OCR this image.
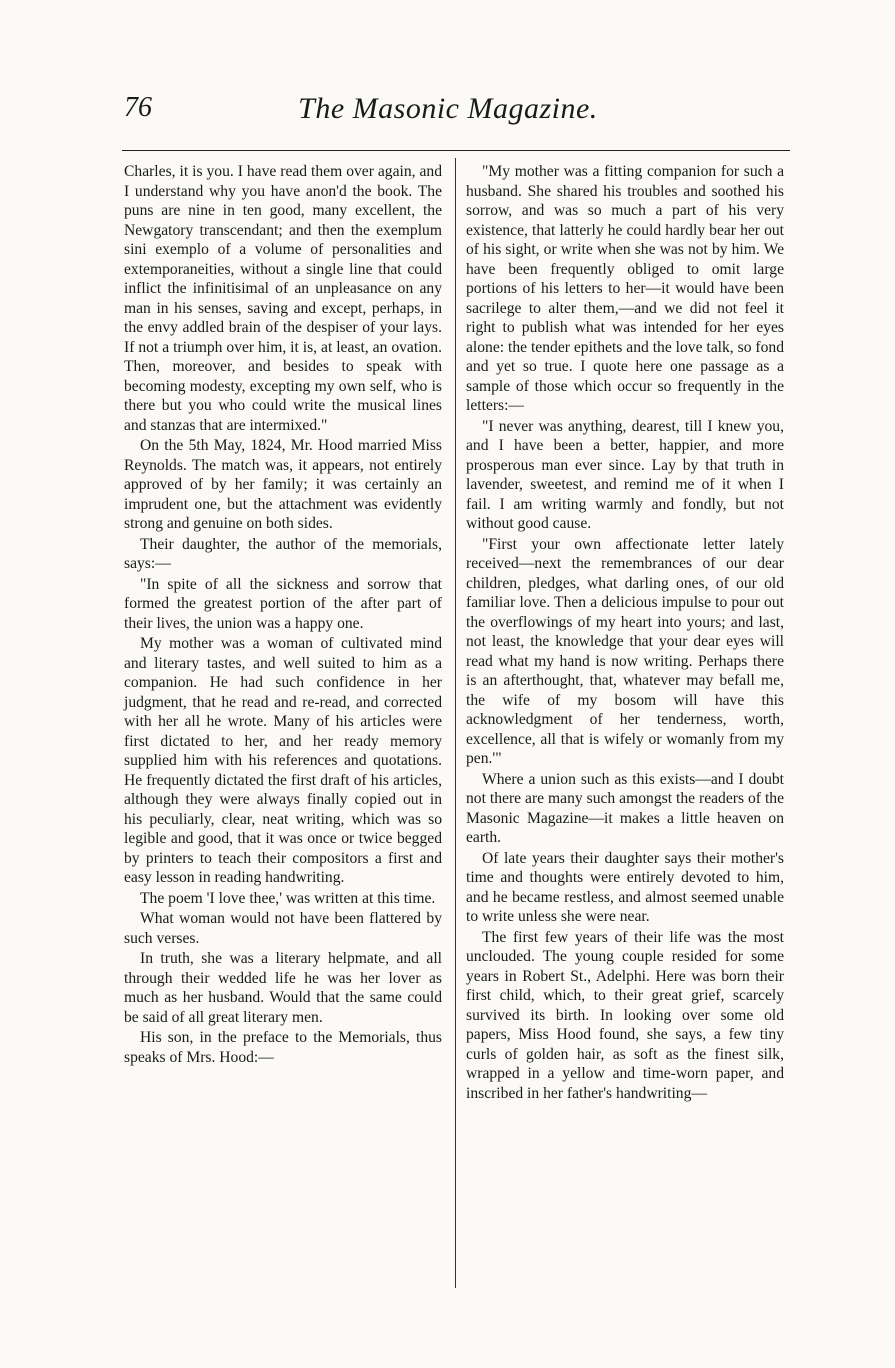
76	The Masonic Magazine.

Charles, it is you. I have read them over again, and I understand why you have anon'd the book. The puns are nine in ten good, many excellent, the Newgatory transcendant; and then the exemplum sini exemplo of a volume of personalities and extemporaneities, without a single line that could inflict the infinitisimal of an unpleasance on any man in his senses, saving and except, perhaps, in the envy addled brain of the despiser of your lays. If not a triumph over him, it is, at least, an ovation. Then, moreover, and besides to speak with becoming modesty, excepting my own self, who is there but you who could write the musical lines and stanzas that are intermixed."

On the 5th May, 1824, Mr. Hood married Miss Reynolds. The match was, it appears, not entirely approved of by her family; it was certainly an imprudent one, but the attachment was evidently strong and genuine on both sides.

Their daughter, the author of the memorials, says:—

"In spite of all the sickness and sorrow that formed the greatest portion of the after part of their lives, the union was a happy one.

My mother was a woman of cultivated mind and literary tastes, and well suited to him as a companion. He had such confidence in her judgment, that he read and re-read, and corrected with her all he wrote. Many of his articles were first dictated to her, and her ready memory supplied him with his references and quotations. He frequently dictated the first draft of his articles, although they were always finally copied out in his peculiarly, clear, neat writing, which was so legible and good, that it was once or twice begged by printers to teach their compositors a first and easy lesson in reading handwriting.

The poem 'I love thee,' was written at this time.

What woman would not have been flattered by such verses.

In truth, she was a literary helpmate, and all through their wedded life he was her lover as much as her husband. Would that the same could be said of all great literary men.

His son, in the preface to the Memorials, thus speaks of Mrs. Hood:—

"My mother was a fitting companion for such a husband. She shared his troubles and soothed his sorrow, and was so much a part of his very existence, that latterly he could hardly bear her out of his sight, or write when she was not by him. We have been frequently obliged to omit large portions of his letters to her—it would have been sacrilege to alter them,—and we did not feel it right to publish what was intended for her eyes alone: the tender epithets and the love talk, so fond and yet so true. I quote here one passage as a sample of those which occur so frequently in the letters:—

"I never was anything, dearest, till I knew you, and I have been a better, happier, and more prosperous man ever since. Lay by that truth in lavender, sweetest, and remind me of it when I fail. I am writing warmly and fondly, but not without good cause.

"First your own affectionate letter lately received—next the remembrances of our dear children, pledges, what darling ones, of our old familiar love. Then a delicious impulse to pour out the overflowings of my heart into yours; and last, not least, the knowledge that your dear eyes will read what my hand is now writing. Perhaps there is an afterthought, that, whatever may befall me, the wife of my bosom will have this acknowledgment of her tenderness, worth, excellence, all that is wifely or womanly from my pen.'"

Where a union such as this exists—and I doubt not there are many such amongst the readers of the Masonic Magazine—it makes a little heaven on earth.

Of late years their daughter says their mother's time and thoughts were entirely devoted to him, and he became restless, and almost seemed unable to write unless she were near.

The first few years of their life was the most unclouded. The young couple resided for some years in Robert St., Adelphi. Here was born their first child, which, to their great grief, scarcely survived its birth. In looking over some old papers, Miss Hood found, she says, a few tiny curls of golden hair, as soft as the finest silk, wrapped in a yellow and time-worn paper, and inscribed in her father's handwriting—
